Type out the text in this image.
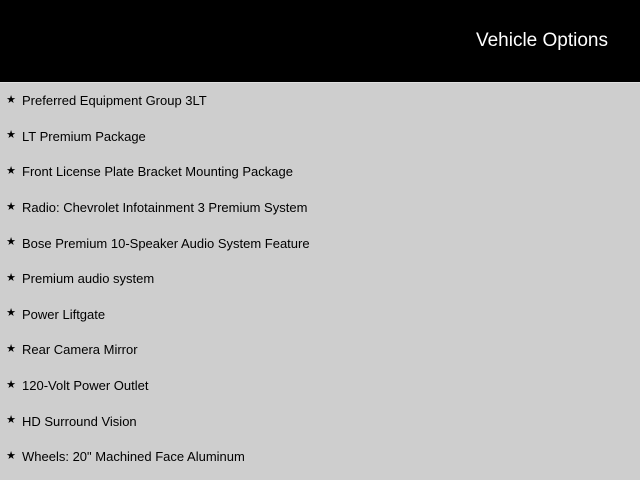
Vehicle Options
★ Preferred Equipment Group 3LT
★ LT Premium Package
★ Front License Plate Bracket Mounting Package
★ Radio: Chevrolet Infotainment 3 Premium System
★ Bose Premium 10-Speaker Audio System Feature
★ Premium audio system
★ Power Liftgate
★ Rear Camera Mirror
★ 120-Volt Power Outlet
★ HD Surround Vision
★ Wheels: 20" Machined Face Aluminum
